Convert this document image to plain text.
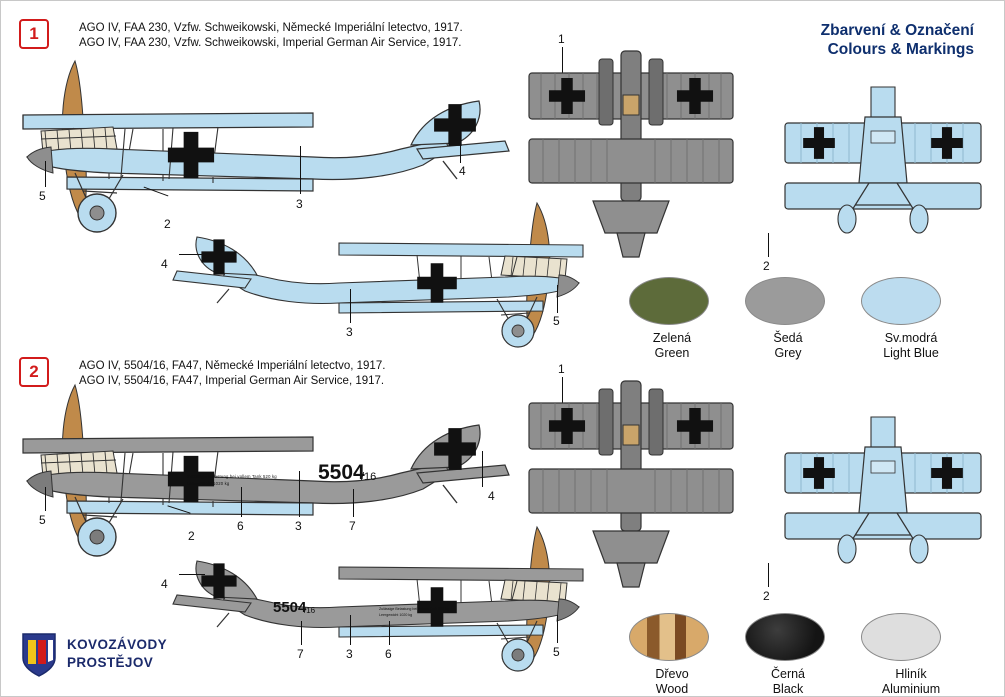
Zbarvení & Označení
Colours & Markings
1	AGO IV, FAA 230, Vzfw. Schweikowski, Německé Imperiální letectvo, 1917.
AGO IV, FAA 230, Vzfw. Schweikowski, Imperial German Air Service, 1917.
4
3
2
5
4
3
5
1
2
Zelená
Green
Šedá
Grey
Sv.modrá
Light Blue
2	AGO IV, 5504/16, FA47, Německé Imperiální letectvo, 1917.
AGO IV, 5504/16, FA47, Imperial German Air Service, 1917.
5504
/16
Zulässige Belastung bei vollem Tank 520 kg
Leergewicht 1020 kg
4
7
3
6
2
5
5504
/16	Zulässige Belastung bei vollem Tank 520 kg
Leergewicht 1020 kg
4
7	3	6	5
1
2
Dřevo
Wood
Černá
Black
Hliník
Aluminium
KOVOZÁVODY
PROSTĚJOV
